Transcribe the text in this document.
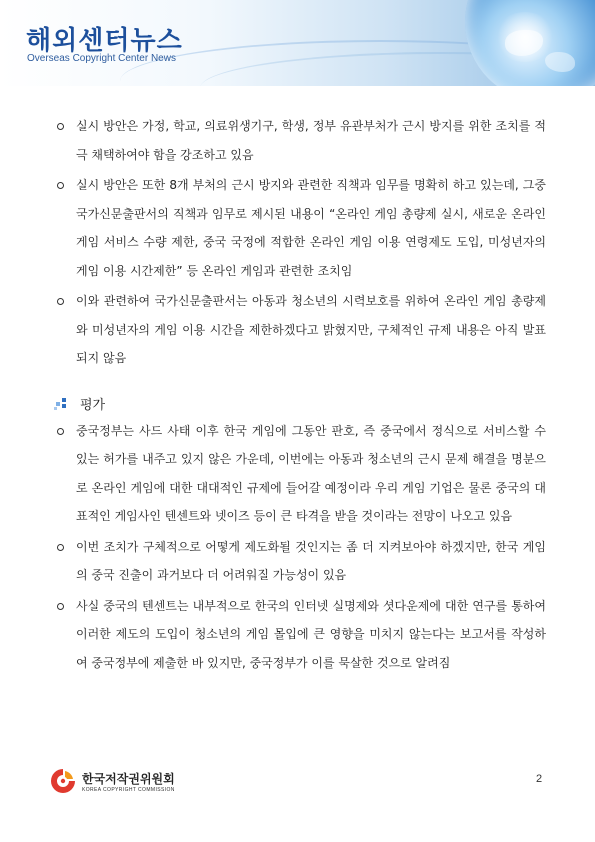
해외센터뉴스
Overseas Copyright Center News

실시 방안은 가정, 학교, 의료위생기구, 학생, 정부 유관부처가 근시 방지를 위한 조치를 적극 채택하여야 함을 강조하고 있음

실시 방안은 또한 8개 부처의 근시 방지와 관련한 직책과 임무를 명확히 하고 있는데, 그중 국가신문출판서의 직책과 임무로 제시된 내용이 “온라인 게임 총량제 실시, 새로운 온라인 게임 서비스 수량 제한, 중국 국정에 적합한 온라인 게임 이용 연령제도 도입, 미성년자의 게임 이용 시간제한” 등 온라인 게임과 관련한 조치임

이와 관련하여 국가신문출판서는 아동과 청소년의 시력보호를 위하여 온라인 게임 총량제와 미성년자의 게임 이용 시간을 제한하겠다고 밝혔지만, 구체적인 규제 내용은 아직 발표되지 않음

평가

중국정부는 사드 사태 이후 한국 게임에 그동안 판호, 즉 중국에서 정식으로 서비스할 수 있는 허가를 내주고 있지 않은 가운데, 이번에는 아동과 청소년의 근시 문제 해결을 명분으로 온라인 게임에 대한 대대적인 규제에 들어갈 예정이라 우리 게임 기업은 물론 중국의 대표적인 게임사인 텐센트와 넷이즈 등이 큰 타격을 받을 것이라는 전망이 나오고 있음

이번 조치가 구체적으로 어떻게 제도화될 것인지는 좀 더 지켜보아야 하겠지만, 한국 게임의 중국 진출이 과거보다 더 어려워질 가능성이 있음

사실 중국의 텐센트는 내부적으로 한국의 인터넷 실명제와 셧다운제에 대한 연구를 통하여 이러한 제도의 도입이 청소년의 게임 몰입에 큰 영향을 미치지 않는다는 보고서를 작성하여 중국정부에 제출한 바 있지만, 중국정부가 이를 묵살한 것으로 알려짐

한국저작권위원회
KOREA COPYRIGHT COMMISSION
2
